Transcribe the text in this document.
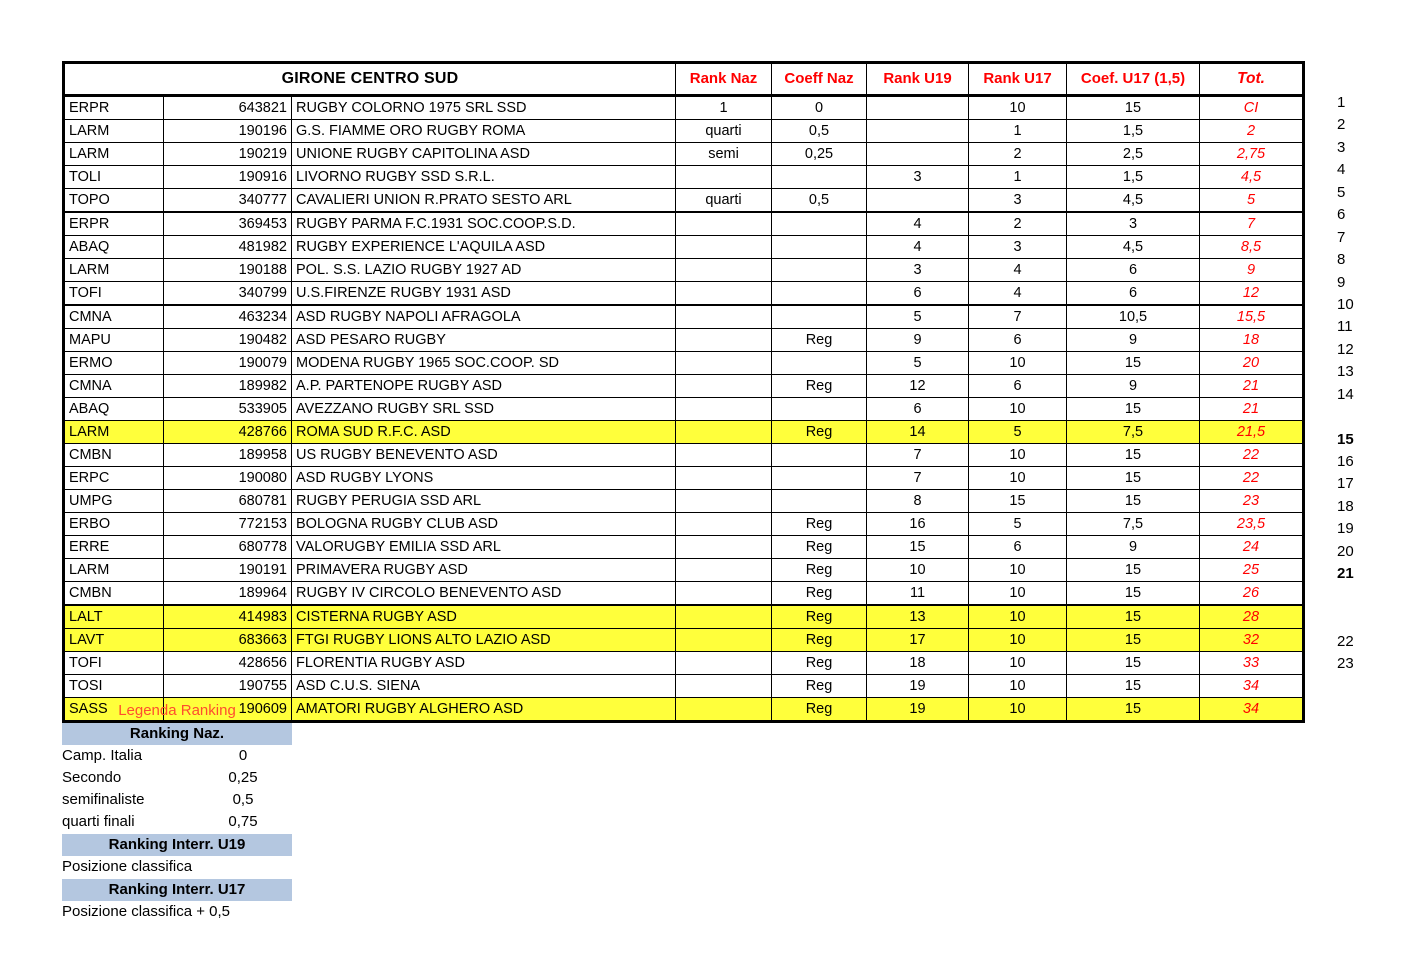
GIRONE CENTRO SUD			Rank Naz	Coeff Naz	Rank U19	Rank U17	Coef. U17 (1,5)	Tot.
ERPR	643821	RUGBY COLORNO 1975 SRL SSD	1	0		10	15	CI
LARM	190196	G.S. FIAMME ORO RUGBY ROMA	quarti	0,5		1	1,5	2
LARM	190219	UNIONE RUGBY CAPITOLINA ASD	semi	0,25		2	2,5	2,75
TOLI	190916	LIVORNO RUGBY SSD S.R.L.			3	1	1,5	4,5
TOPO	340777	CAVALIERI UNION R.PRATO SESTO ARL	quarti	0,5		3	4,5	5
ERPR	369453	RUGBY PARMA F.C.1931 SOC.COOP.S.D.			4	2	3	7
ABAQ	481982	RUGBY EXPERIENCE L'AQUILA ASD			4	3	4,5	8,5
LARM	190188	POL. S.S. LAZIO RUGBY 1927 AD			3	4	6	9
TOFI	340799	U.S.FIRENZE RUGBY 1931 ASD			6	4	6	12
CMNA	463234	ASD RUGBY NAPOLI AFRAGOLA			5	7	10,5	15,5
MAPU	190482	ASD PESARO RUGBY		Reg	9	6	9	18
ERMO	190079	MODENA RUGBY 1965 SOC.COOP. SD			5	10	15	20
CMNA	189982	A.P. PARTENOPE RUGBY ASD		Reg	12	6	9	21
ABAQ	533905	AVEZZANO RUGBY SRL SSD			6	10	15	21
LARM	428766	ROMA SUD R.F.C. ASD		Reg	14	5	7,5	21,5
CMBN	189958	US RUGBY BENEVENTO ASD			7	10	15	22
ERPC	190080	ASD RUGBY LYONS			7	10	15	22
UMPG	680781	RUGBY PERUGIA SSD ARL			8	15	15	23
ERBO	772153	BOLOGNA RUGBY CLUB ASD		Reg	16	5	7,5	23,5
ERRE	680778	VALORUGBY EMILIA SSD ARL		Reg	15	6	9	24
LARM	190191	PRIMAVERA RUGBY ASD		Reg	10	10	15	25
CMBN	189964	RUGBY IV CIRCOLO BENEVENTO ASD		Reg	11	10	15	26
LALT	414983	CISTERNA RUGBY ASD		Reg	13	10	15	28
LAVT	683663	FTGI RUGBY LIONS ALTO LAZIO ASD		Reg	17	10	15	32
TOFI	428656	FLORENTIA RUGBY ASD		Reg	18	10	15	33
TOSI	190755	ASD C.U.S. SIENA		Reg	19	10	15	34
SASS	190609	AMATORI RUGBY ALGHERO ASD		Reg	19	10	15	34
1
2
3
4
5
6
7
8
9
10
11
12
13
14
15
16
17
18
19
20
21
22
23
Legenda Ranking
Ranking Naz.
Camp. Italia	0
Secondo	0,25
semifinaliste	0,5
quarti finali	0,75
Ranking Interr. U19
Posizione classifica
Ranking Interr. U17
Posizione classifica + 0,5
